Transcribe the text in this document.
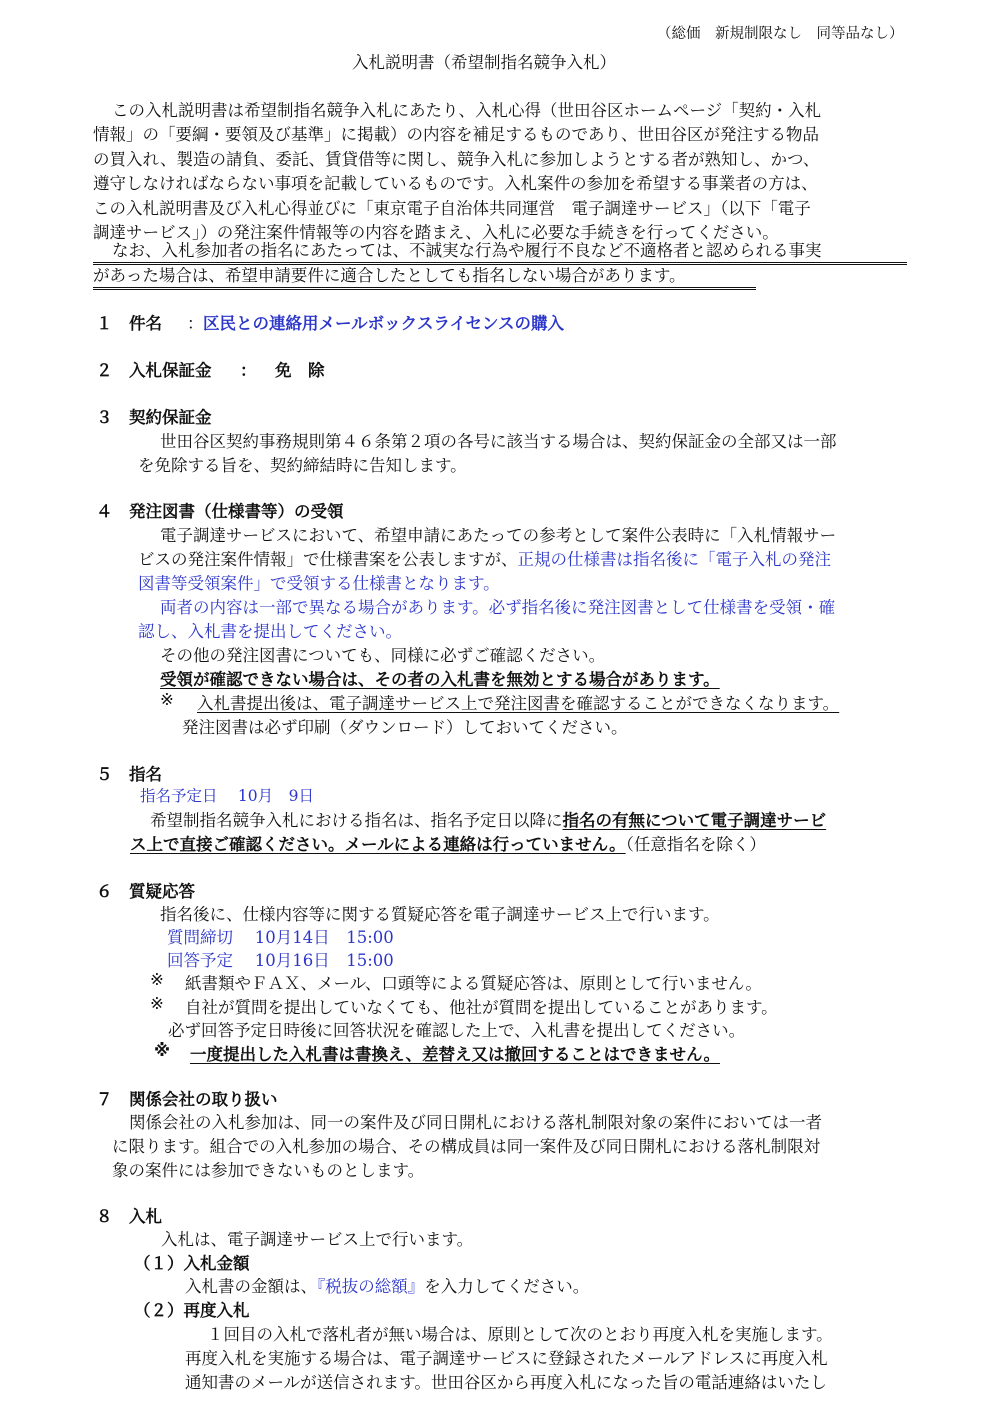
（総価　新規制限なし　同等品なし）
入札説明書（希望制指名競争入札）
この入札説明書は希望制指名競争入札にあたり、入札心得（世田谷区ホームページ「契約・入札
情報」の「要綱・要領及び基準」に掲載）の内容を補足するものであり、世田谷区が発注する物品
の買入れ、製造の請負、委託、賃貸借等に関し、競争入札に参加しようとする者が熟知し、かつ、
遵守しなければならない事項を記載しているものです。入札案件の参加を希望する事業者の方は、
この入札説明書及び入札心得並びに「東京電子自治体共同運営　電子調達サービス」（以下「電子
調達サービス」）の発注案件情報等の内容を踏まえ、入札に必要な手続きを行ってください。
なお、入札参加者の指名にあたっては、不誠実な行為や履行不良など不適格者と認められる事実
があった場合は、希望申請要件に適合したとしても指名しない場合があります。
１ 件名 ： 区民との連絡用メールボックスライセンスの購入
２ 入札保証金 ： 免　除
３ 契約保証金
世田谷区契約事務規則第４６条第２項の各号に該当する場合は、契約保証金の全部又は一部
を免除する旨を、契約締結時に告知します。
４ 発注図書（仕様書等）の受領
電子調達サービスにおいて、希望申請にあたっての参考として案件公表時に「入札情報サー
ビスの発注案件情報」で仕様書案を公表しますが、正規の仕様書は指名後に「電子入札の発注
図書等受領案件」で受領する仕様書となります。
両者の内容は一部で異なる場合があります。必ず指名後に発注図書として仕様書を受領・確
認し、入札書を提出してください。
その他の発注図書についても、同様に必ずご確認ください。
受領が確認できない場合は、その者の入札書を無効とする場合があります。
※ 入札書提出後は、電子調達サービス上で発注図書を確認することができなくなります。
発注図書は必ず印刷（ダウンロード）しておいてください。
５ 指名
指名予定日　 10月　9日
希望制指名競争入札における指名は、指名予定日以降に指名の有無について電子調達サービ
ス上で直接ご確認ください。メールによる連絡は行っていません。（任意指名を除く）
６ 質疑応答
指名後に、仕様内容等に関する質疑応答を電子調達サービス上で行います。
質問締切　 10月14日　15:00
回答予定　 10月16日　15:00
※ 紙書類やＦＡＸ、メール、口頭等による質疑応答は、原則として行いません。
※ 自社が質問を提出していなくても、他社が質問を提出していることがあります。
必ず回答予定日時後に回答状況を確認した上で、入札書を提出してください。
※ 一度提出した入札書は書換え、差替え又は撤回することはできません。
７ 関係会社の取り扱い
関係会社の入札参加は、同一の案件及び同日開札における落札制限対象の案件においては一者
に限ります。組合での入札参加の場合、その構成員は同一案件及び同日開札における落札制限対
象の案件には参加できないものとします。
８ 入札
入札は、電子調達サービス上で行います。
（１）入札金額
入札書の金額は、『税抜の総額』を入力してください。
（２）再度入札
１回目の入札で落札者が無い場合は、原則として次のとおり再度入札を実施します。
再度入札を実施する場合は、電子調達サービスに登録されたメールアドレスに再度入札
通知書のメールが送信されます。世田谷区から再度入札になった旨の電話連絡はいたし
